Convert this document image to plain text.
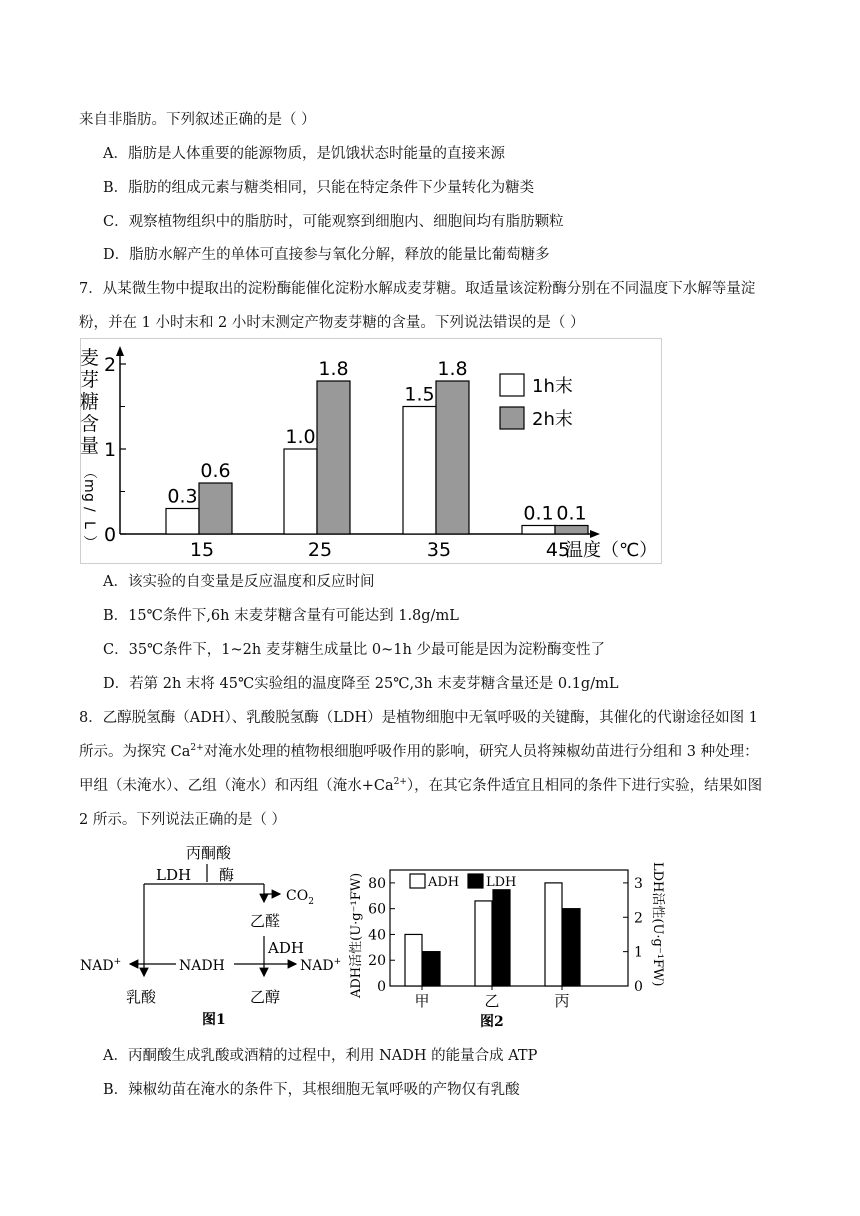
来自非脂肪。下列叙述正确的是（ ）
A．脂肪是人体重要的能源物质，是饥饿状态时能量的直接来源
B．脂肪的组成元素与糖类相同，只能在特定条件下少量转化为糖类
C．观察植物组织中的脂肪时，可能观察到细胞内、细胞间均有脂肪颗粒
D．脂肪水解产生的单体可直接参与氧化分解，释放的能量比葡萄糖多
7．从某微生物中提取出的淀粉酶能催化淀粉水解成麦芽糖。取适量该淀粉酶分别在不同温度下水解等量淀
粉，并在 1 小时末和 2 小时末测定产物麦芽糖的含量。下列说法错误的是（ ）
麦
芽
糖
含
量
（
m
g
/
L
） 0
1
2
0.3
0.6
1.0
1.8
1.5
1.8
0.1 0.1
15	25	35	45
温度（℃）
1h末
2h末
A．该实验的自变量是反应温度和反应时间
B．15℃条件下,6h 末麦芽糖含量有可能达到 1.8g/mL
C．35℃条件下，1~2h 麦芽糖生成量比 0~1h 少最可能是因为淀粉酶变性了
D．若第 2h 末将 45℃实验组的温度降至 25℃,3h 末麦芽糖含量还是 0.1g/mL
8．乙醇脱氢酶（ADH）、乳酸脱氢酶（LDH）是植物细胞中无氧呼吸的关键酶，其催化的代谢途径如图 1
所示。为探究 $Ca^{2+}$对淹水处理的植物根细胞呼吸作用的影响，研究人员将辣椒幼苗进行分组和 3 种处理：
甲组（未淹水）、乙组（淹水）和丙组（淹水$+Ca^{2+}$），在其它条件适宜且相同的条件下进行实验，结果如图
2 所示。下列说法正确的是（ ）
丙酮酸
LDH 酶
$CO_2$
乙醛
ADH
NAD+	NADH	NAD+
乳酸	乙醇
图1
ADH活性(U·g⁻¹FW)	LDH活性(U·g⁻¹FW)
0
20
40
60
80
0
1
2
3
甲	乙	丙
ADH LDH
图2
A．丙酮酸生成乳酸或酒精的过程中，利用 NADH 的能量合成 ATP
B．辣椒幼苗在淹水的条件下，其根细胞无氧呼吸的产物仅有乳酸
